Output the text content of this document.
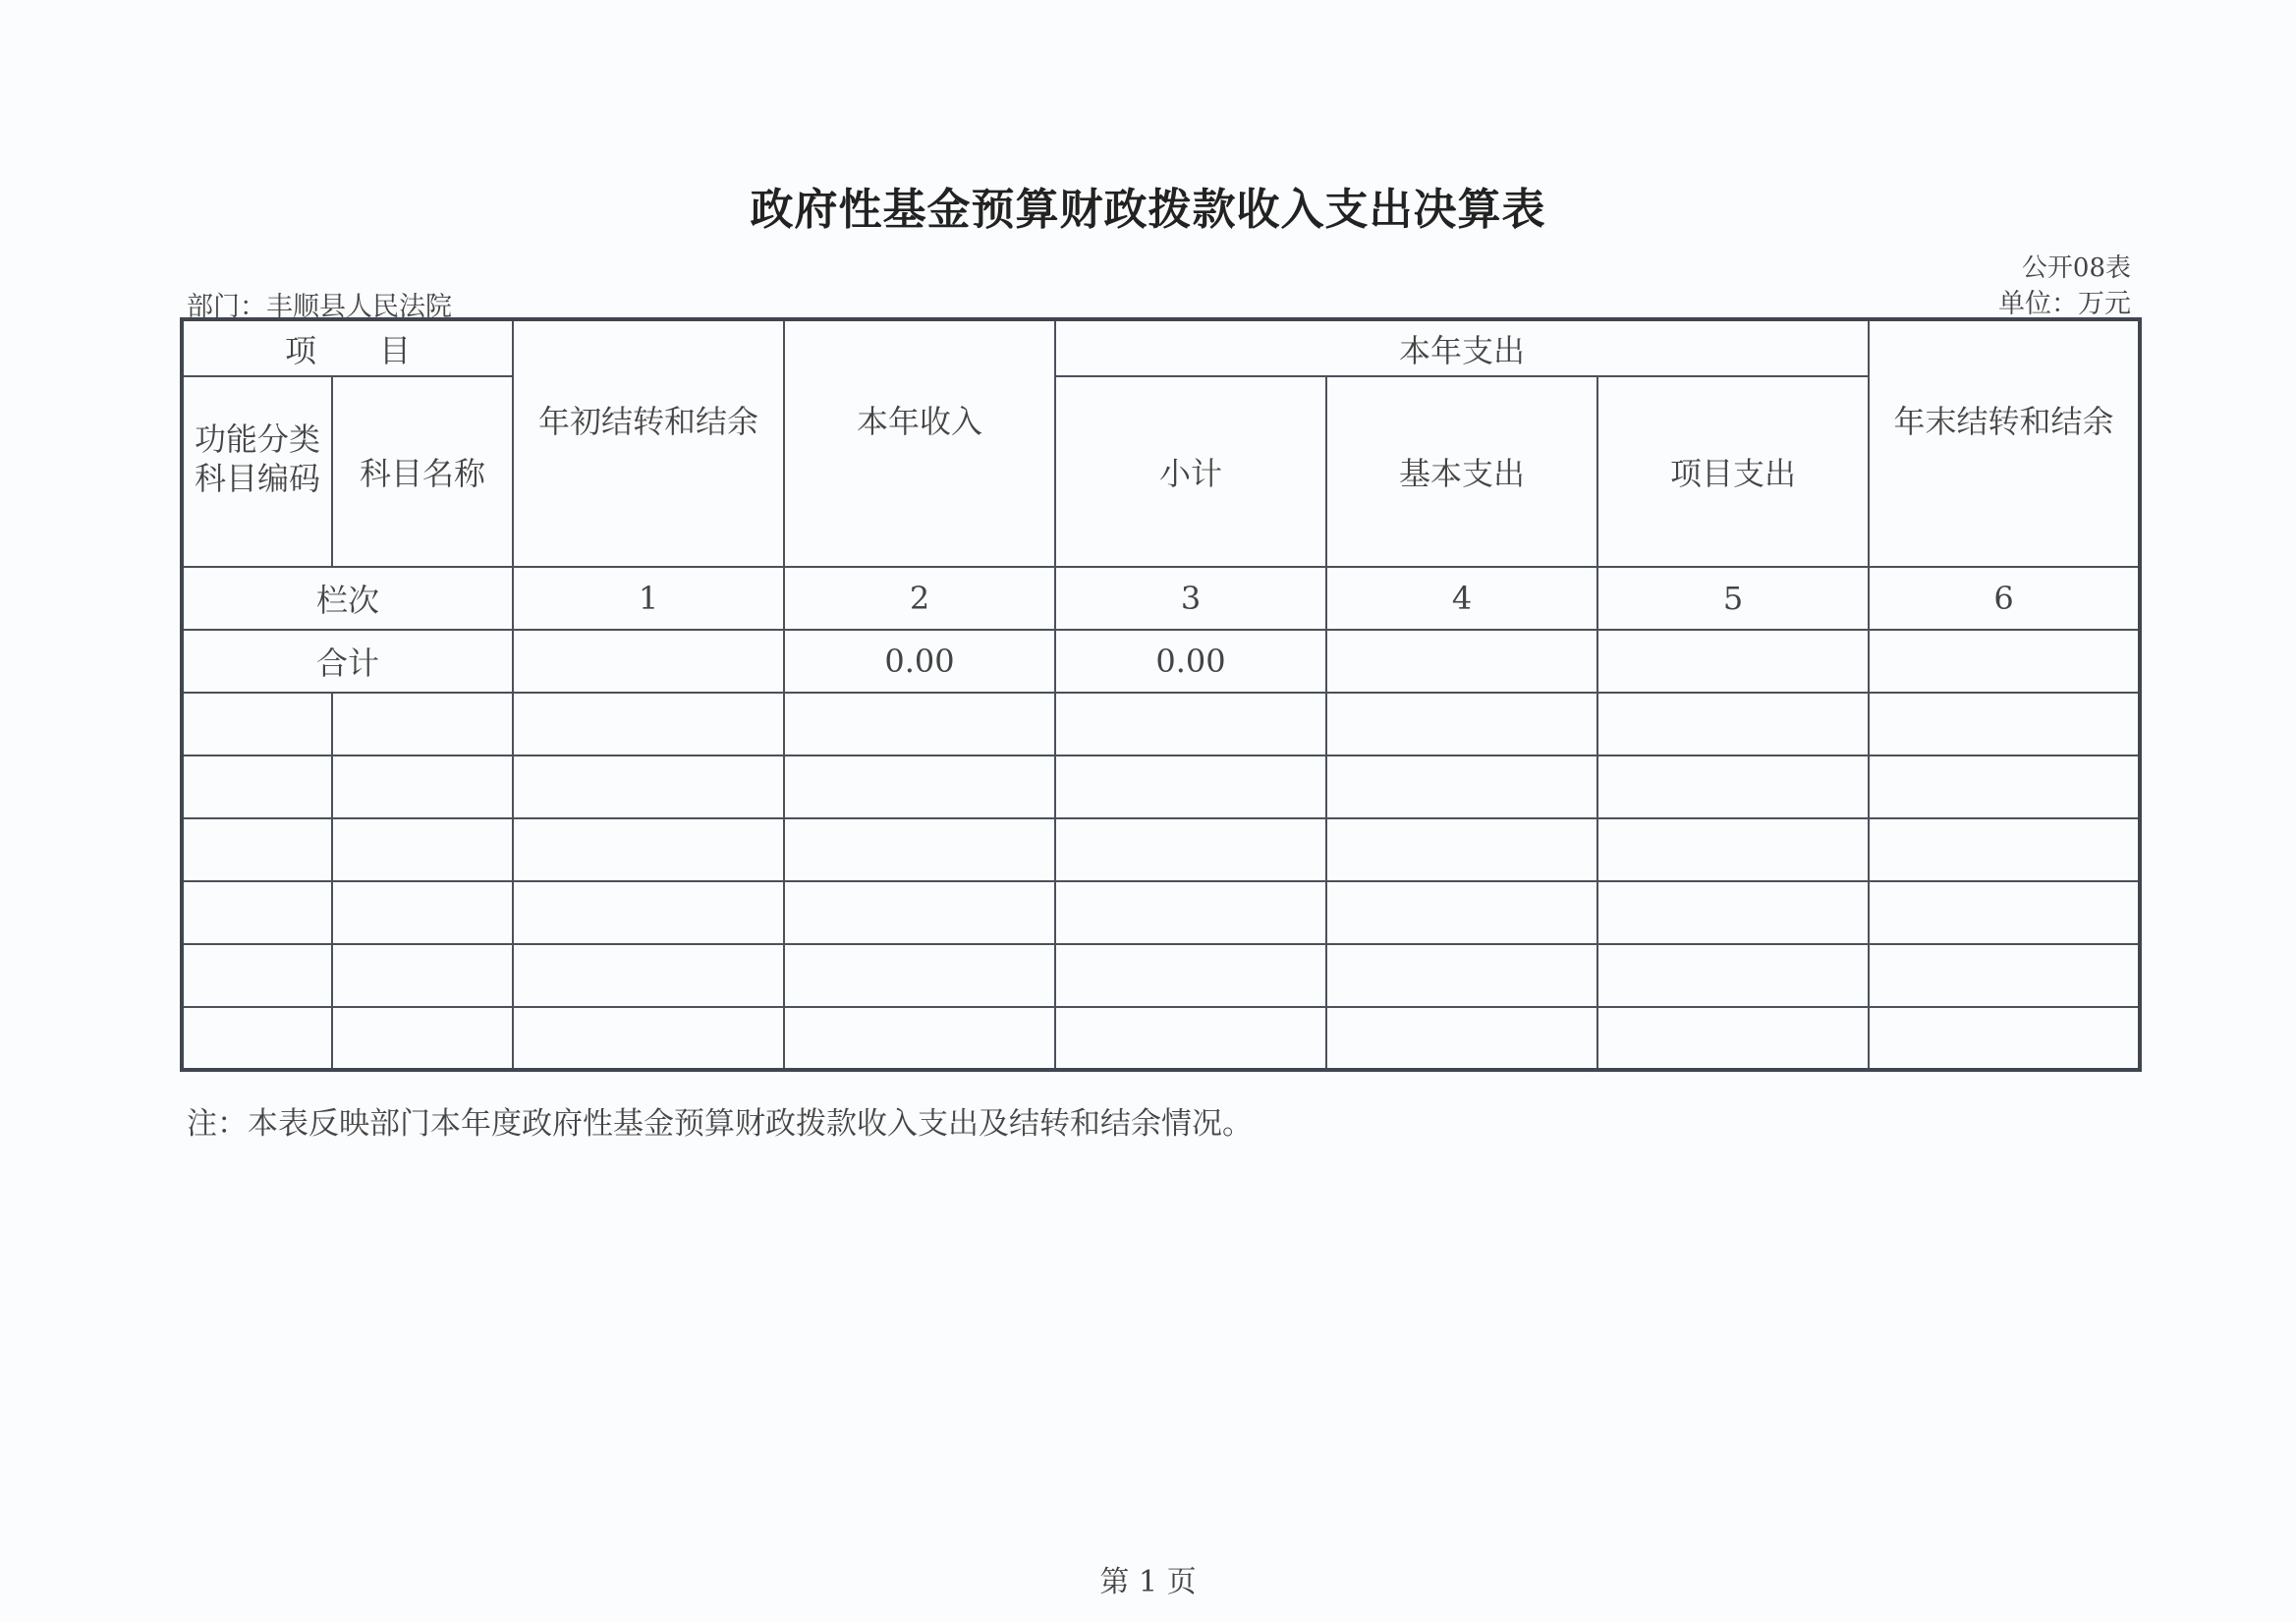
政府性基金预算财政拨款收入支出决算表
公开08表
部门：丰顺县人民法院	单位：万元
项　　目		年初结转和结余	本年收入	本年支出			年末结转和结余
功能分类科目编码	科目名称			小计	基本支出	项目支出	
栏次		1	2	3	4	5	6
合计			0.00	0.00			

注：本表反映部门本年度政府性基金预算财政拨款收入支出及结转和结余情况。
第 1 页
